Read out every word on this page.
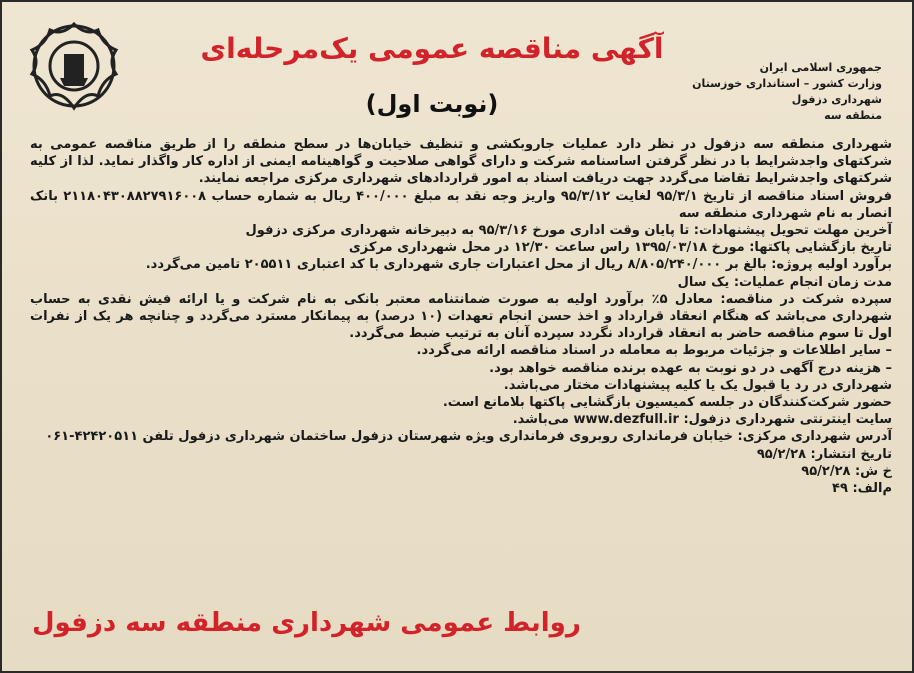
جمهوری اسلامی ایران
وزارت کشور – استانداری خوزستان
شهرداری دزفول
منطقه سه
آگهی مناقصه عمومی یک‌مرحله‌ای
(نوبت اول)

شهرداری منطقه سه دزفول در نظر دارد عملیات جاروبکشی و تنظیف خیابان‌ها در سطح منطقه را از طریق مناقصه عمومی به شرکتهای واجدشرایط با در نظر گرفتن اساسنامه شرکت و دارای گواهی صلاحیت و گواهینامه ایمنی از اداره کار واگذار نماید. لذا از کلیه شرکتهای واجدشرایط تقاضا می‌گردد جهت دریافت اسناد به امور قراردادهای شهرداری مرکزی مراجعه نمایند.

فروش اسناد مناقصه از تاریخ ۹۵/۳/۱ لغایت ۹۵/۳/۱۲ واریز وجه نقد به مبلغ ۴۰۰/۰۰۰ ریال به شماره حساب ۲۱۱۸۰۴۳۰۸۸۲۷۹۱۶۰۰۸ بانک انصار به نام شهرداری منطقه سه

آخرین مهلت تحویل پیشنهادات: تا پایان وقت اداری مورخ ۹۵/۳/۱۶ به دبیرخانه شهرداری مرکزی دزفول

تاریخ بازگشایی پاکتها: مورخ ۱۳۹۵/۰۳/۱۸ راس ساعت ۱۲/۳۰ در محل شهرداری مرکزی

برآورد اولیه پروژه: بالغ بر ۸/۸۰۵/۲۴۰/۰۰۰ ریال از محل اعتبارات جاری شهرداری با کد اعتباری ۲۰۵۵۱۱ تامین می‌گردد.

مدت زمان انجام عملیات: یک سال

سپرده شرکت در مناقصه: معادل ۵٪ برآورد اولیه به صورت ضمانتنامه معتبر بانکی به نام شرکت و یا ارائه فیش نقدی به حساب شهرداری می‌باشد که هنگام انعقاد قرارداد و اخذ حسن انجام تعهدات (۱۰ درصد) به پیمانکار مسترد می‌گردد و چنانچه هر یک از نفرات اول تا سوم مناقصه حاضر به انعقاد قرارداد نگردد سپرده آنان به ترتیب ضبط می‌گردد.

– سایر اطلاعات و جزئیات مربوط به معامله در اسناد مناقصه ارائه می‌گردد.

– هزینه درج آگهی در دو نوبت به عهده برنده مناقصه خواهد بود.

شهرداری در رد یا قبول یک یا کلیه پیشنهادات مختار می‌باشد.

حضور شرکت‌کنندگان در جلسه کمیسیون بازگشایی پاکتها بلامانع است.

سایت اینترنتی شهرداری دزفول: www.dezfull.ir می‌باشد.

آدرس شهرداری مرکزی: خیابان فرمانداری روبروی فرمانداری ویژه شهرستان دزفول ساختمان شهرداری دزفول تلفن ۴۲۴۲۰۵۱۱-۰۶۱

تاریخ انتشار: ۹۵/۲/۲۸

خ ش: ۹۵/۲/۲۸

م‌الف: ۴۹

روابط عمومی شهرداری منطقه سه دزفول
